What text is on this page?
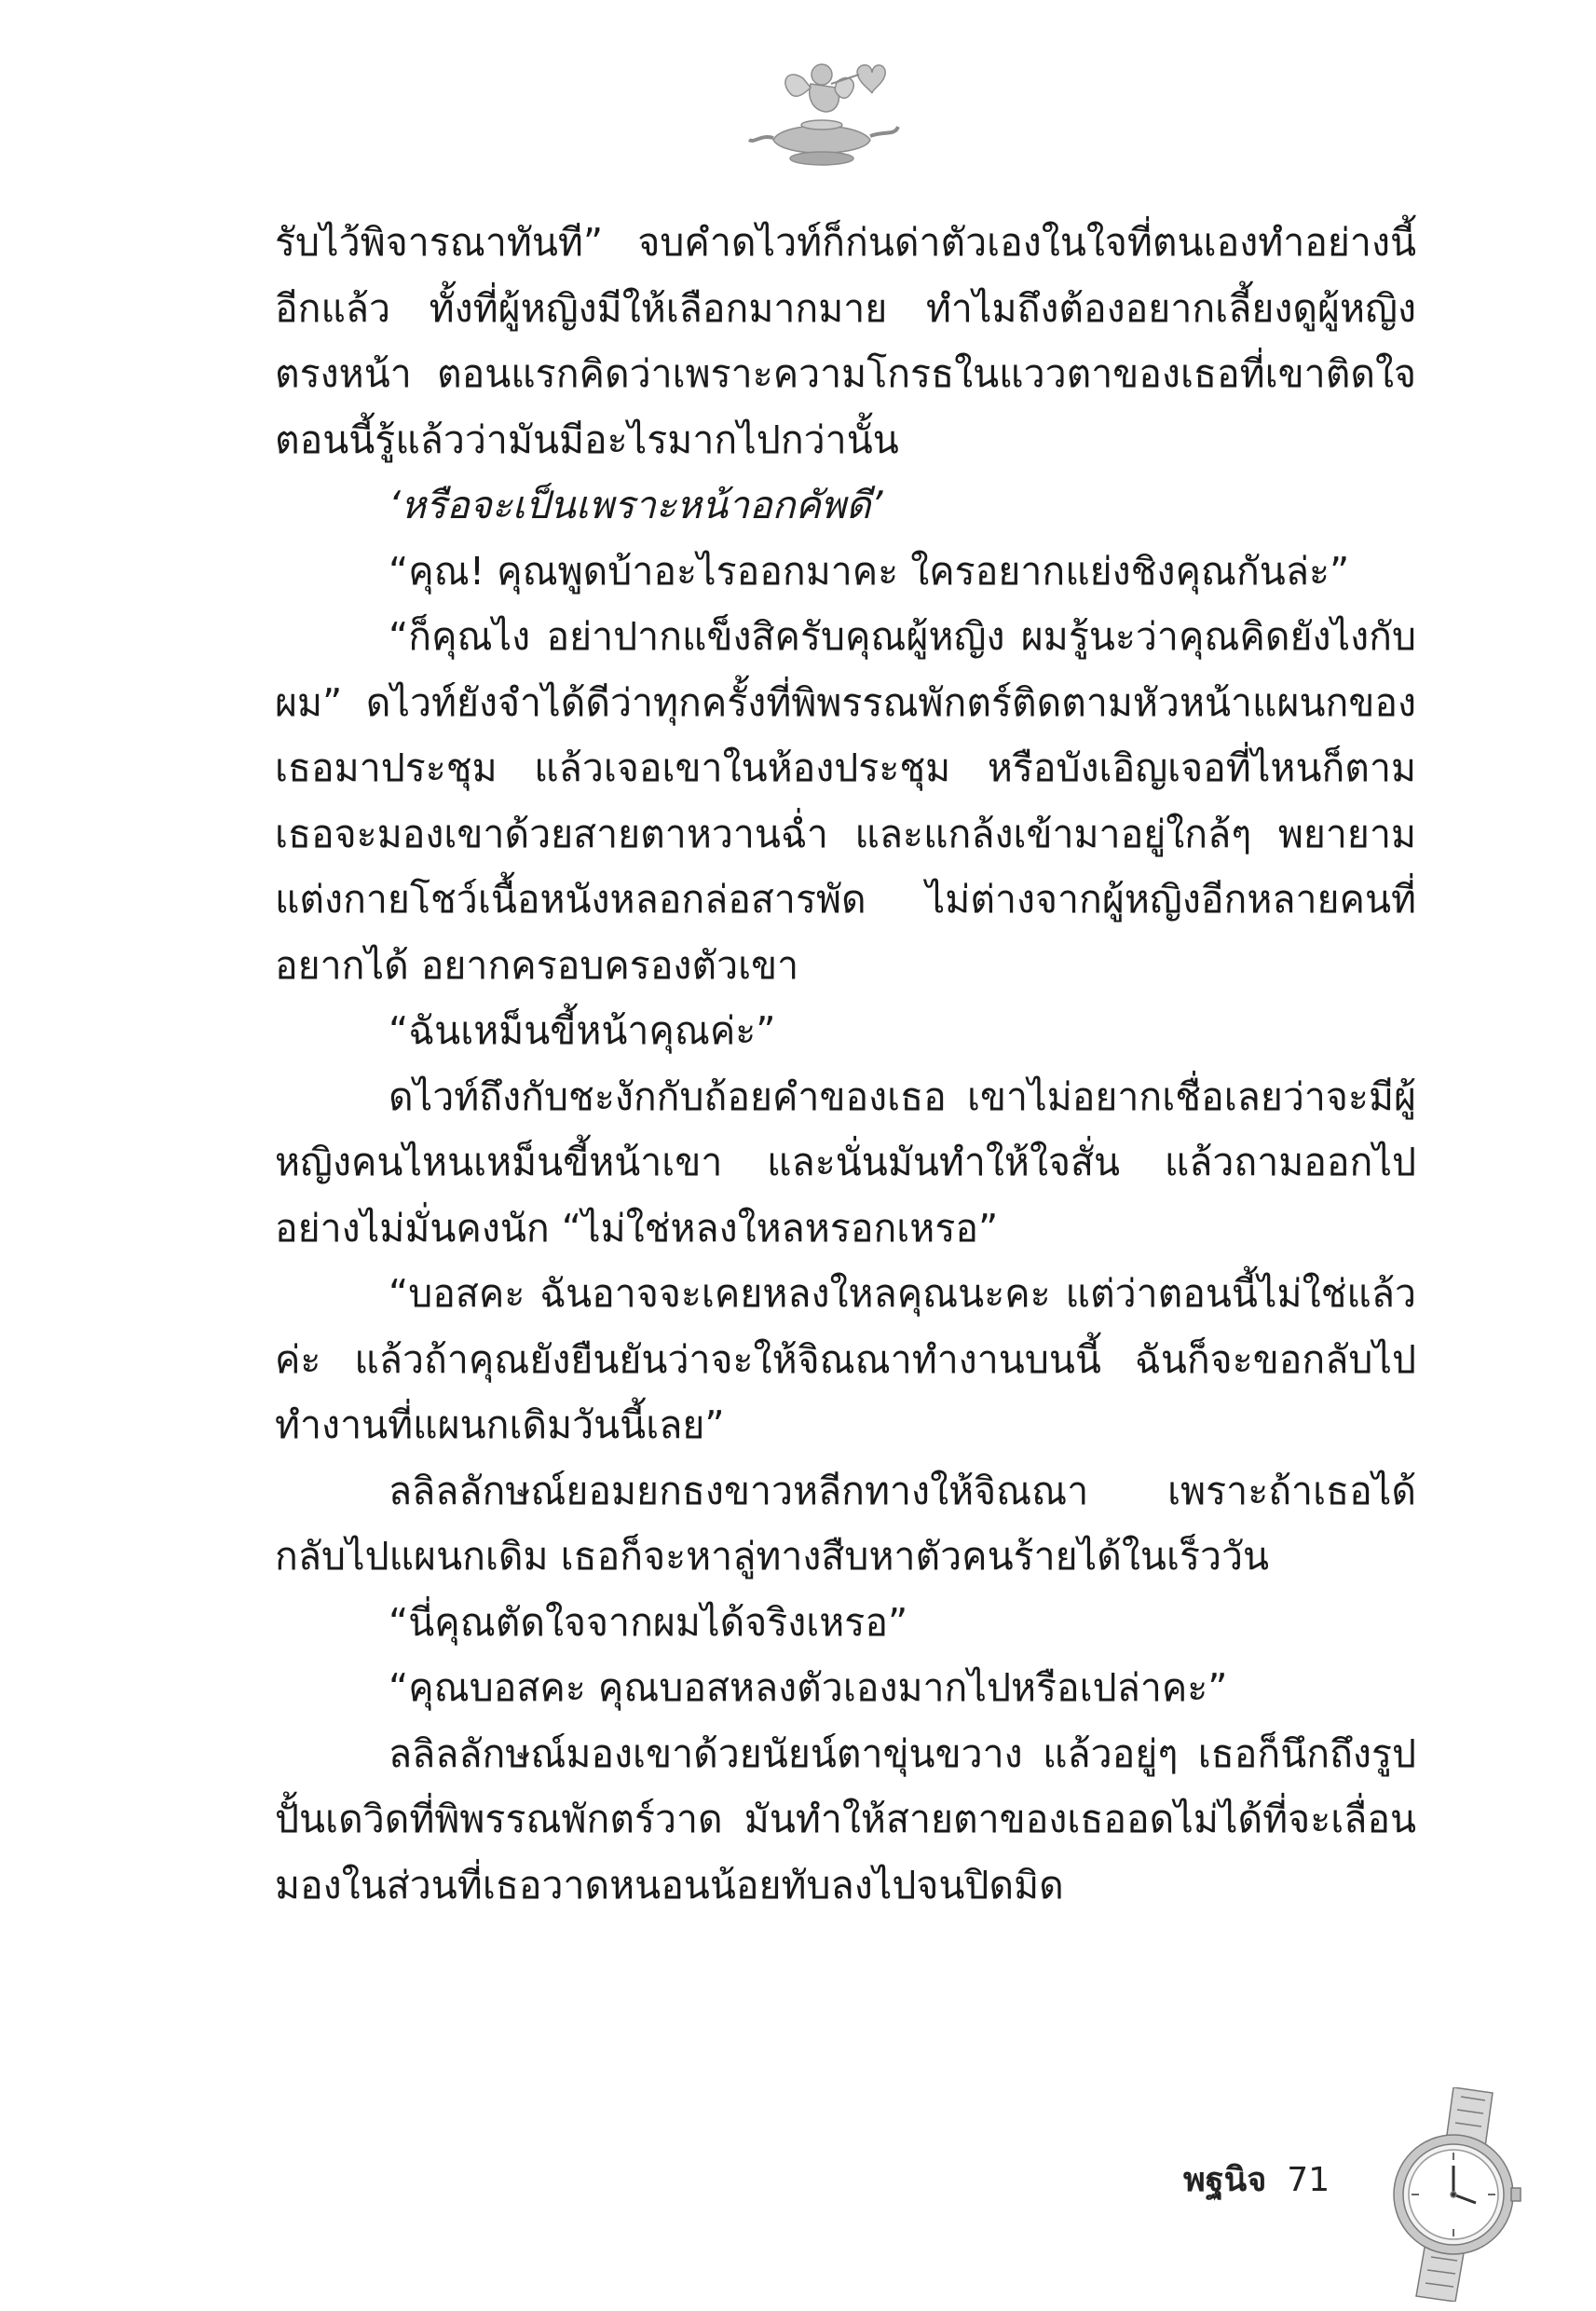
รับไว้พิจารณาทันที” จบคำดไวท์ก็ก่นด่าตัวเองในใจที่ตนเองทำอย่างนี้อีกแล้ว ทั้งที่ผู้หญิงมีให้เลือกมากมาย ทำไมถึงต้องอยากเลี้ยงดูผู้หญิงตรงหน้า ตอนแรกคิดว่าเพราะความโกรธในแววตาของเธอที่เขาติดใจ ตอนนี้รู้แล้วว่ามันมีอะไรมากไปกว่านั้น

‘หรือจะเป็นเพราะหน้าอกคัพดี’

“คุณ! คุณพูดบ้าอะไรออกมาคะ ใครอยากแย่งชิงคุณกันล่ะ”

“ก็คุณไง อย่าปากแข็งสิครับคุณผู้หญิง ผมรู้นะว่าคุณคิดยังไงกับผม” ดไวท์ยังจำได้ดีว่าทุกครั้งที่พิพรรณพักตร์ติดตามหัวหน้าแผนกของเธอมาประชุม แล้วเจอเขาในห้องประชุม หรือบังเอิญเจอที่ไหนก็ตาม เธอจะมองเขาด้วยสายตาหวานฉ่ำ และแกล้งเข้ามาอยู่ใกล้ๆ พยายามแต่งกายโชว์เนื้อหนังหลอกล่อสารพัด ไม่ต่างจากผู้หญิงอีกหลายคนที่อยากได้ อยากครอบครองตัวเขา

“ฉันเหม็นขี้หน้าคุณค่ะ”

ดไวท์ถึงกับชะงักกับถ้อยคำของเธอ เขาไม่อยากเชื่อเลยว่าจะมีผู้หญิงคนไหนเหม็นขี้หน้าเขา และนั่นมันทำให้ใจสั่น แล้วถามออกไปอย่างไม่มั่นคงนัก “ไม่ใช่หลงใหลหรอกเหรอ”

“บอสคะ ฉันอาจจะเคยหลงใหลคุณนะคะ แต่ว่าตอนนี้ไม่ใช่แล้วค่ะ แล้วถ้าคุณยังยืนยันว่าจะให้จิณณาทำงานบนนี้ ฉันก็จะขอกลับไปทำงานที่แผนกเดิมวันนี้เลย”

ลลิลลักษณ์ยอมยกธงขาวหลีกทางให้จิณณา เพราะถ้าเธอได้กลับไปแผนกเดิม เธอก็จะหาลู่ทางสืบหาตัวคนร้ายได้ในเร็ววัน

“นี่คุณตัดใจจากผมได้จริงเหรอ”

“คุณบอสคะ คุณบอสหลงตัวเองมากไปหรือเปล่าคะ”

ลลิลลักษณ์มองเขาด้วยนัยน์ตาขุ่นขวาง แล้วอยู่ๆ เธอก็นึกถึงรูปปั้นเดวิดที่พิพรรณพักตร์วาด มันทำให้สายตาของเธออดไม่ได้ที่จะเลื่อนมองในส่วนที่เธอวาดหนอนน้อยทับลงไปจนปิดมิด

พฐนิจ 71
